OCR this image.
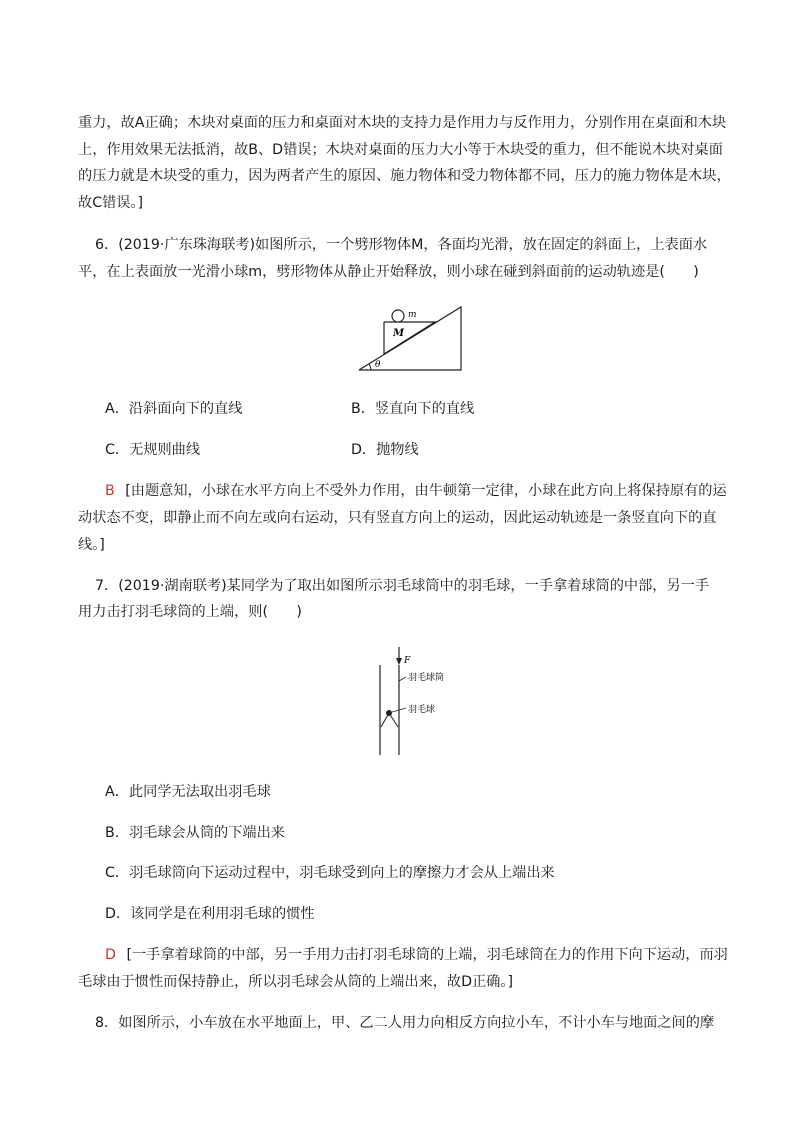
重力，故A正确；木块对桌面的压力和桌面对木块的支持力是作用力与反作用力，分别作用在桌面和木块
上，作用效果无法抵消，故B、D错误；木块对桌面的压力大小等于木块受的重力，但不能说木块对桌面
的压力就是木块受的重力，因为两者产生的原因、施力物体和受力物体都不同，压力的施力物体是木块，
故C错误。]
6．(2019·广东珠海联考)如图所示，一个劈形物体M，各面均光滑，放在固定的斜面上，上表面水
平，在上表面放一光滑小球m，劈形物体从静止开始释放，则小球在碰到斜面前的运动轨迹是(　　)
m
M
θ
A．沿斜面向下的直线	B．竖直向下的直线
C．无规则曲线	D．抛物线
B [由题意知，小球在水平方向上不受外力作用，由牛顿第一定律，小球在此方向上将保持原有的运
动状态不变，即静止而不向左或向右运动，只有竖直方向上的运动，因此运动轨迹是一条竖直向下的直
线。]
7．(2019·湖南联考)某同学为了取出如图所示羽毛球筒中的羽毛球，一手拿着球筒的中部，另一手
用力击打羽毛球筒的上端，则(　　)
F
羽毛球筒
羽毛球
A．此同学无法取出羽毛球
B．羽毛球会从筒的下端出来
C．羽毛球筒向下运动过程中，羽毛球受到向上的摩擦力才会从上端出来
D．该同学是在利用羽毛球的惯性
D [一手拿着球筒的中部，另一手用力击打羽毛球筒的上端，羽毛球筒在力的作用下向下运动，而羽
毛球由于惯性而保持静止，所以羽毛球会从筒的上端出来，故D正确。]
8．如图所示，小车放在水平地面上，甲、乙二人用力向相反方向拉小车，不计小车与地面之间的摩
